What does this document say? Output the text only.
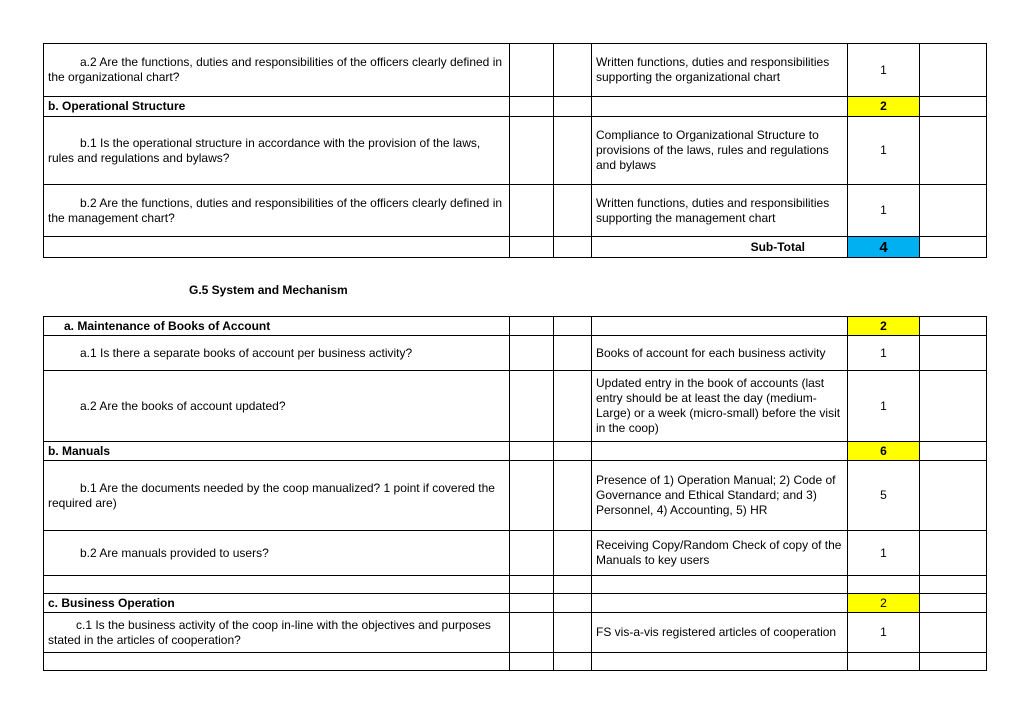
a.2 Are the functions, duties and responsibilities of the officers clearly defined in the organizational chart?			Written functions, duties and responsibilities supporting the organizational chart	1	
b. Operational Structure				2	
b.1 Is the operational structure in accordance with the provision of the laws, rules and regulations and bylaws?			Compliance to Organizational Structure to provisions of the laws, rules and regulations and bylaws	1	
b.2 Are the functions, duties and responsibilities of the officers clearly defined in the management chart?			Written functions, duties and responsibilities supporting the management chart	1	
			Sub-Total	4	
G.5 System and Mechanism
a. Maintenance of Books of Account				2	
a.1 Is there a separate books of account per business activity?			Books of account for each business activity	1	
a.2 Are the books of account updated?			Updated entry in the book of accounts (last entry should be at least the day (medium-Large) or a week (micro-small) before the visit in the coop)	1	
b. Manuals				6	
b.1 Are the documents needed by the coop manualized? 1 point if covered the required are)			Presence of 1) Operation Manual; 2) Code of Governance and Ethical Standard; and 3) Personnel, 4) Accounting, 5) HR	5	
b.2 Are manuals provided to users?			Receiving Copy/Random Check of copy of the Manuals to key users	1	

c. Business Operation				2	
c.1 Is the business activity of the coop in-line with the objectives and purposes stated in the articles of cooperation?			FS vis-a-vis registered articles of cooperation	1	
